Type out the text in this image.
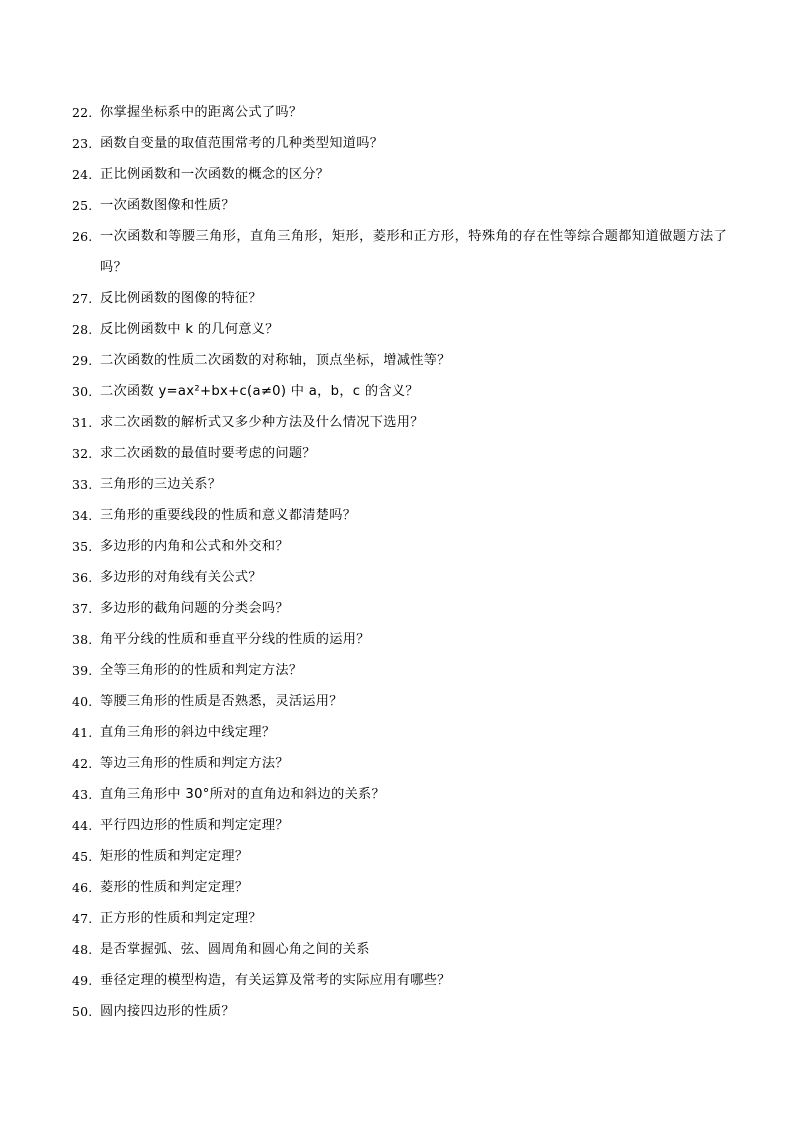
22. 你掌握坐标系中的距离公式了吗？
23. 函数自变量的取值范围常考的几种类型知道吗？
24. 正比例函数和一次函数的概念的区分？
25. 一次函数图像和性质？
26. 一次函数和等腰三角形，直角三角形，矩形，菱形和正方形，特殊角的存在性等综合题都知道做题方法了吗？
27. 反比例函数的图像的特征？
28. 反比例函数中 k 的几何意义？
29. 二次函数的性质二次函数的对称轴，顶点坐标，增减性等？
30. 二次函数 y=ax²+bx+c(a≠0) 中 a，b，c 的含义？
31. 求二次函数的解析式又多少种方法及什么情况下选用？
32. 求二次函数的最值时要考虑的问题？
33. 三角形的三边关系？
34. 三角形的重要线段的性质和意义都清楚吗？
35. 多边形的内角和公式和外交和？
36. 多边形的对角线有关公式？
37. 多边形的截角问题的分类会吗？
38. 角平分线的性质和垂直平分线的性质的运用？
39. 全等三角形的的性质和判定方法？
40. 等腰三角形的性质是否熟悉，灵活运用？
41. 直角三角形的斜边中线定理？
42. 等边三角形的性质和判定方法？
43. 直角三角形中 30°所对的直角边和斜边的关系？
44. 平行四边形的性质和判定定理？
45. 矩形的性质和判定定理？
46. 菱形的性质和判定定理？
47. 正方形的性质和判定定理？
48. 是否掌握弧、弦、圆周角和圆心角之间的关系
49. 垂径定理的模型构造，有关运算及常考的实际应用有哪些？
50. 圆内接四边形的性质？
